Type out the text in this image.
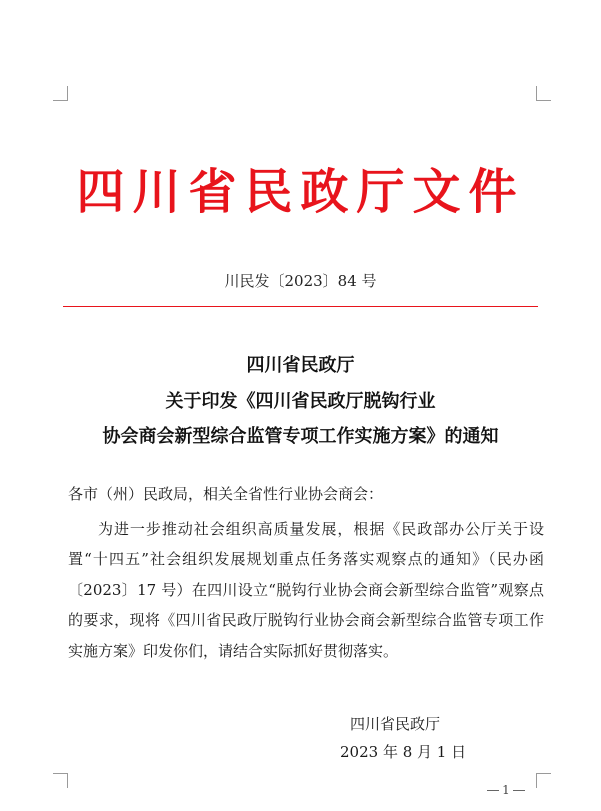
四川省民政厅文件
川民发〔2023〕84 号
四川省民政厅
关于印发《四川省民政厅脱钩行业
协会商会新型综合监管专项工作实施方案》的通知
各市（州）民政局，相关全省性行业协会商会：
为进一步推动社会组织高质量发展，根据《民政部办公厅关于设置“十四五”社会组织发展规划重点任务落实观察点的通知》（民办函〔2023〕17 号）在四川设立“脱钩行业协会商会新型综合监管”观察点的要求，现将《四川省民政厅脱钩行业协会商会新型综合监管专项工作实施方案》印发你们，请结合实际抓好贯彻落实。
四川省民政厅
2023 年 8 月 1 日
1
